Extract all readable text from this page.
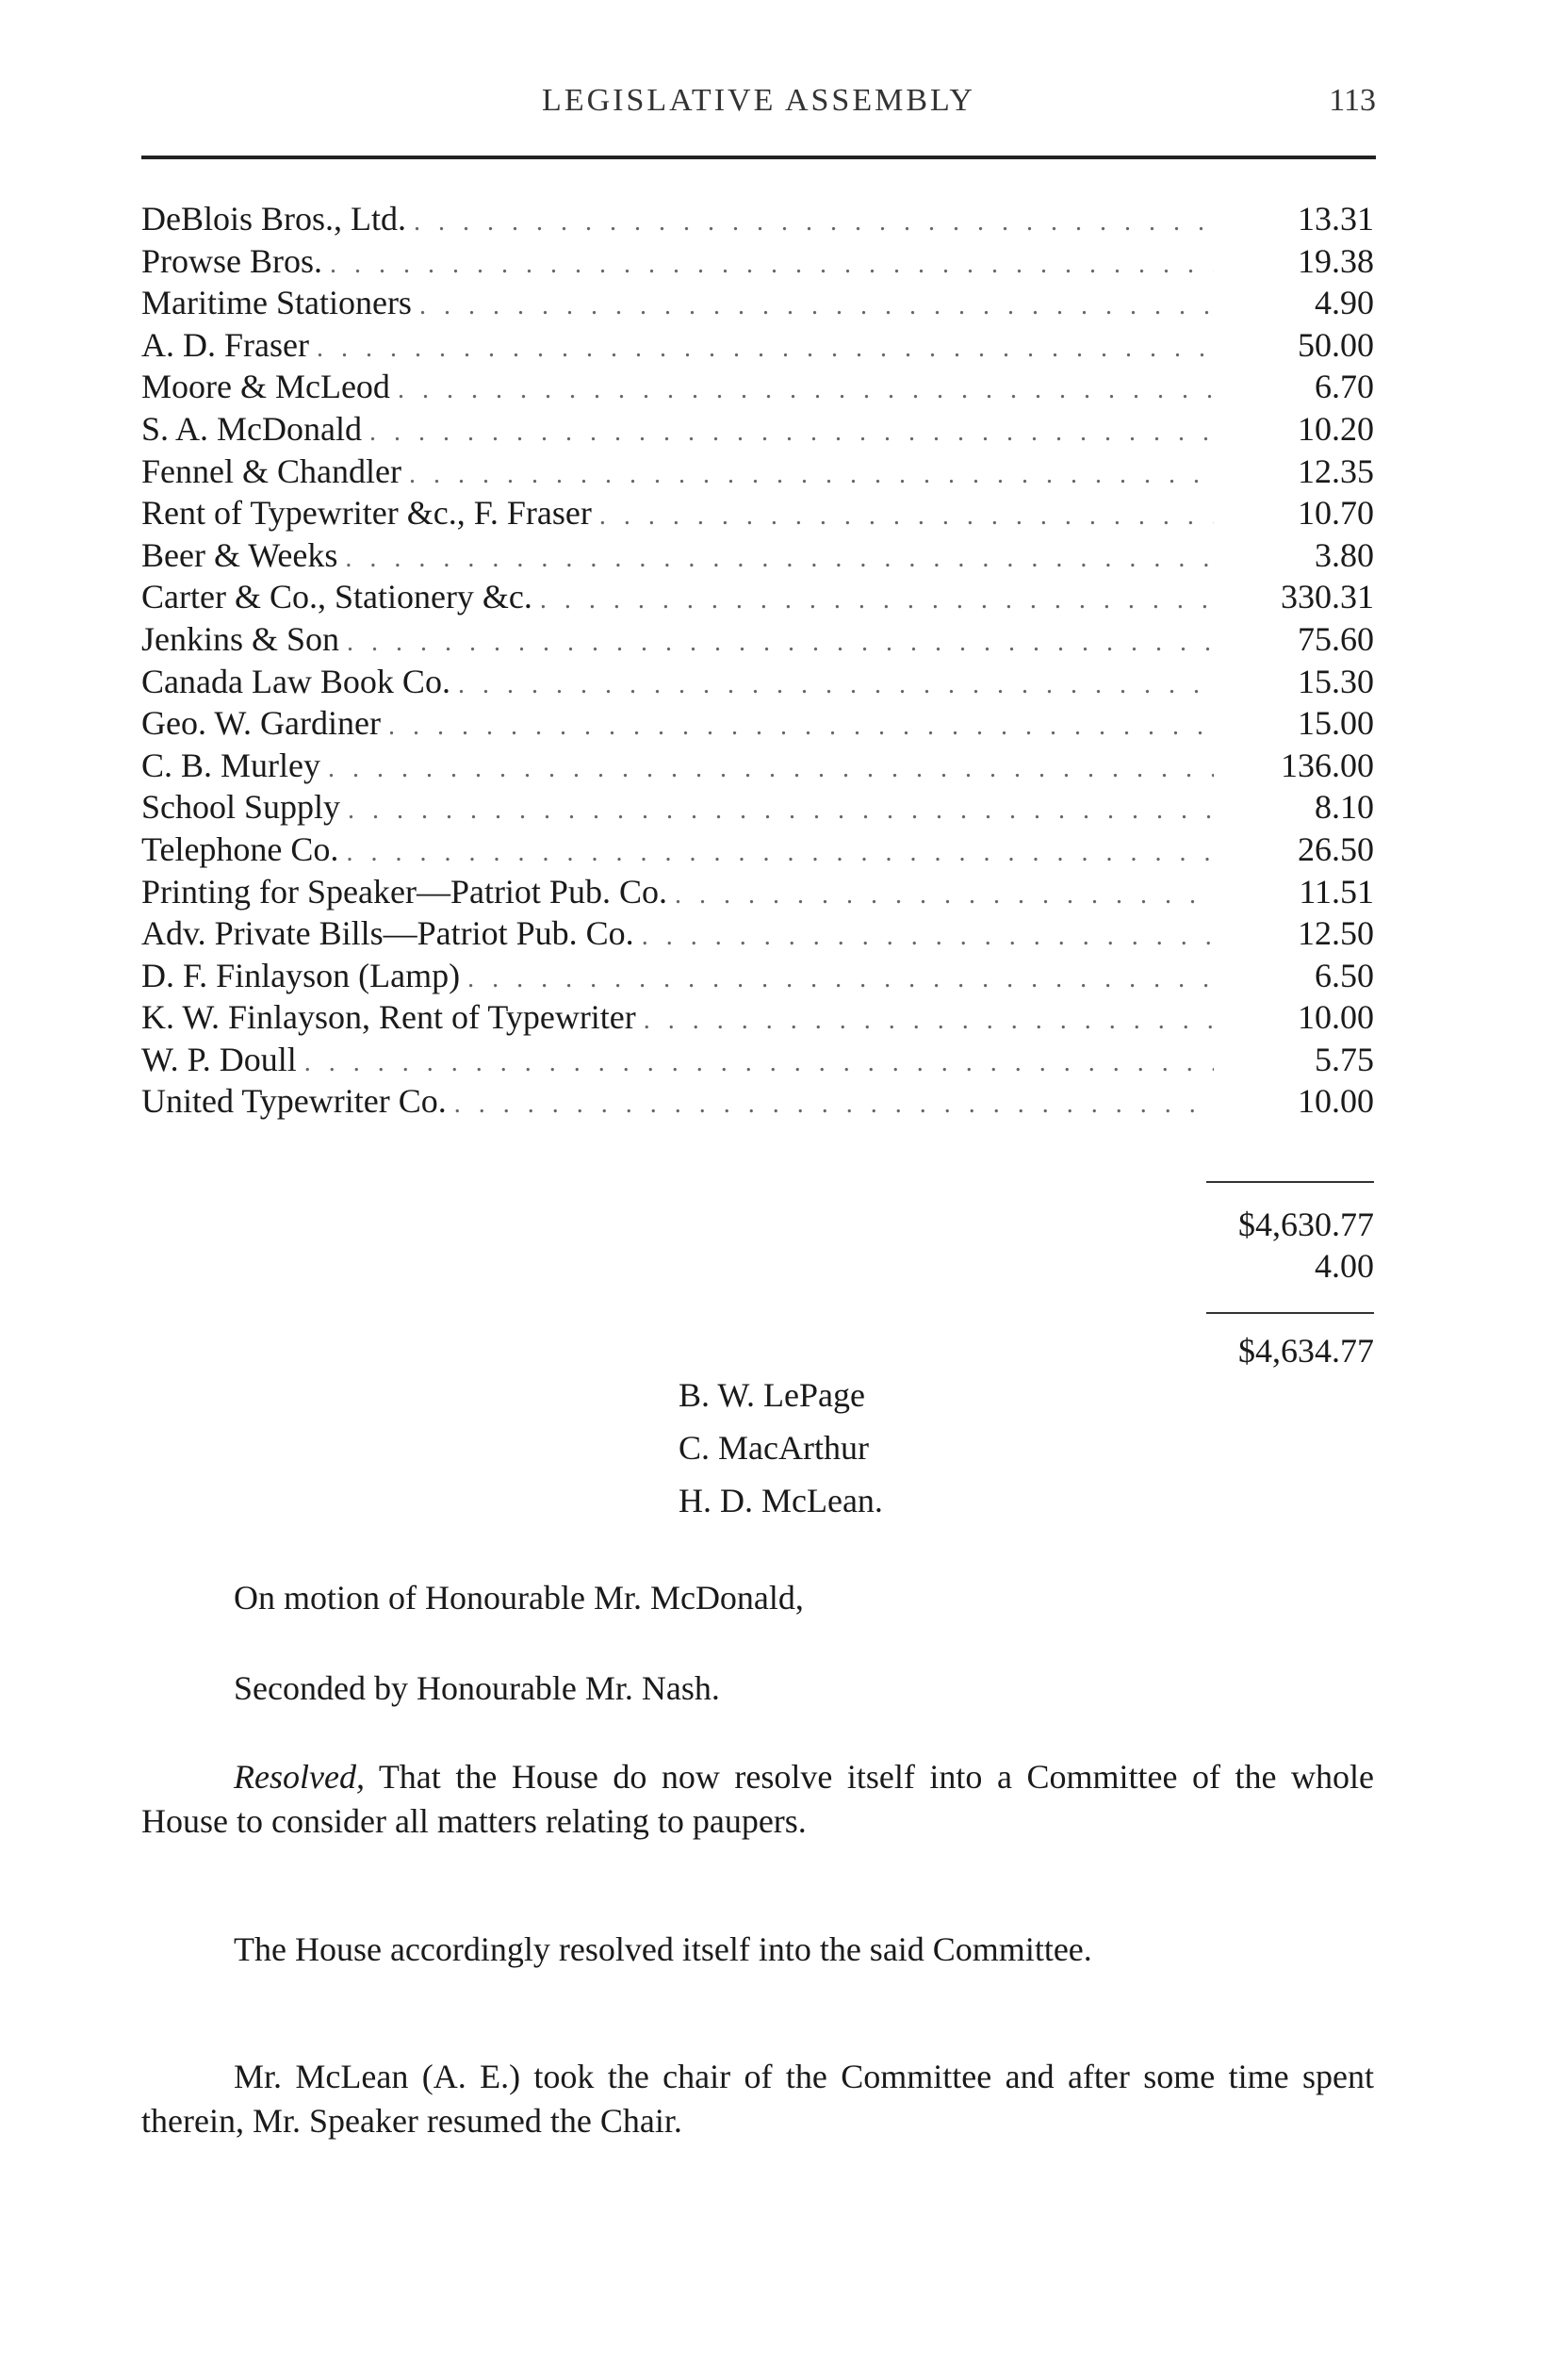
LEGISLATIVE ASSEMBLY	113
DeBlois Bros., Ltd. . . .	13.31
Prowse Bros. . . .	19.38
Maritime Stationers . . .	4.90
A. D. Fraser . . .	50.00
Moore & McLeod . . .	6.70
S. A. McDonald . . .	10.20
Fennel & Chandler . . .	12.35
Rent of Typewriter &c., F. Fraser . . .	10.70
Beer & Weeks . . .	3.80
Carter & Co., Stationery &c. . . .	330.31
Jenkins & Son . . .	75.60
Canada Law Book Co. . . .	15.30
Geo. W. Gardiner . . .	15.00
C. B. Murley . . .	136.00
School Supply . . .	8.10
Telephone Co. . . .	26.50
Printing for Speaker—Patriot Pub. Co. . . .	11.51
Adv. Private Bills—Patriot Pub. Co. . . .	12.50
D. F. Finlayson (Lamp) . . .	6.50
K. W. Finlayson, Rent of Typewriter . . .	10.00
W. P. Doull . . .	5.75
United Typewriter Co. . . .	10.00
$4,630.77
4.00
$4,634.77
B. W. LePage
C. MacArthur
H. D. McLean.
On motion of Honourable Mr. McDonald,
Seconded by Honourable Mr. Nash.
Resolved, That the House do now resolve itself into a Committee of the whole House to consider all matters relating to paupers.
The House accordingly resolved itself into the said Committee.
Mr. McLean (A. E.) took the chair of the Committee and after some time spent therein, Mr. Speaker resumed the Chair.
